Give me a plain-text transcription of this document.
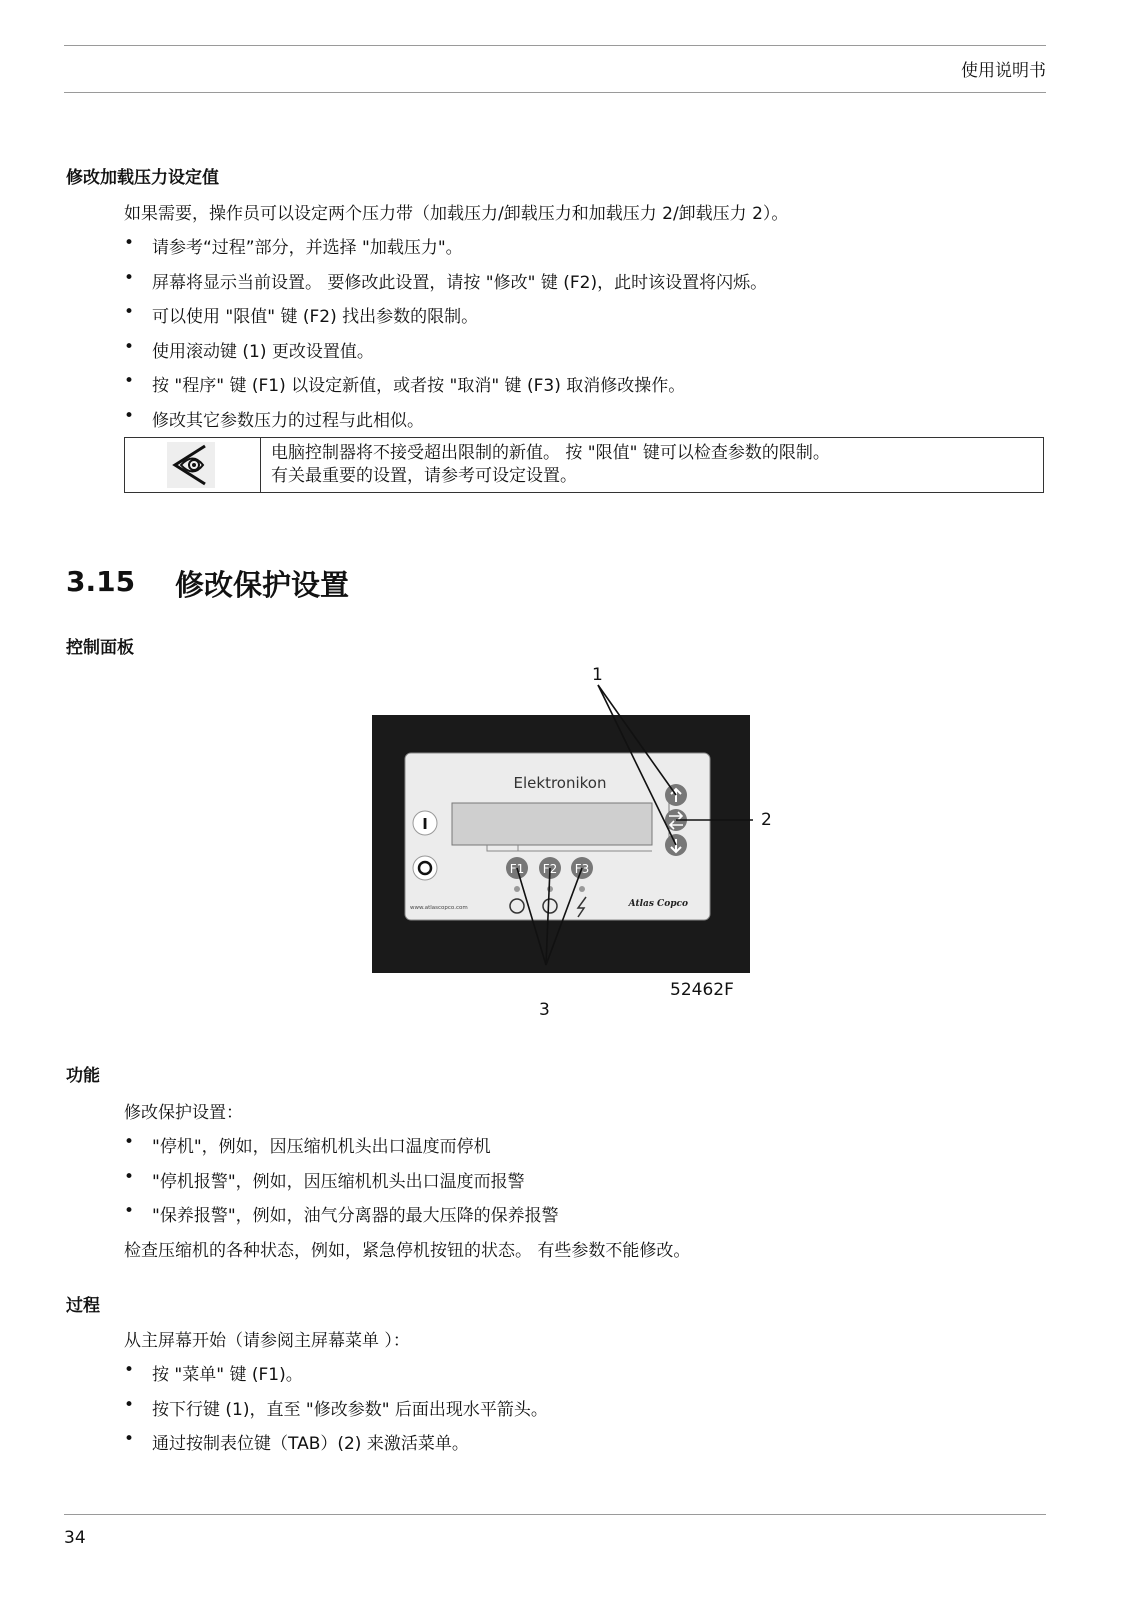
使用说明书
修改加载压力设定值
如果需要，操作员可以设定两个压力带（加载压力/卸载压力和加载压力 2/卸载压力 2）。
• 请参考“过程”部分，并选择 "加载压力"。
• 屏幕将显示当前设置。 要修改此设置，请按 "修改" 键 (F2)，此时该设置将闪烁。
• 可以使用 "限值" 键 (F2) 找出参数的限制。
• 使用滚动键 (1) 更改设置值。
• 按 "程序" 键 (F1) 以设定新值，或者按 "取消" 键 (F3) 取消修改操作。
• 修改其它参数压力的过程与此相似。
电脑控制器将不接受超出限制的新值。 按 "限值" 键可以检查参数的限制。
有关最重要的设置，请参考可设定设置。
3.15 修改保护设置
控制面板
Elektronikon
I
F1 F2 F3
www.atlascopco.com	Atlas Copco
1
2
3
52462F
功能
修改保护设置：
• "停机"，例如，因压缩机机头出口温度而停机
• "停机报警"，例如，因压缩机机头出口温度而报警
• "保养报警"，例如，油气分离器的最大压降的保养报警
检查压缩机的各种状态，例如，紧急停机按钮的状态。 有些参数不能修改。
过程
从主屏幕开始（请参阅主屏幕菜单 ）：
• 按 "菜单" 键 (F1)。
• 按下行键 (1)，直至 "修改参数" 后面出现水平箭头。
• 通过按制表位键（TAB）(2) 来激活菜单。
34
